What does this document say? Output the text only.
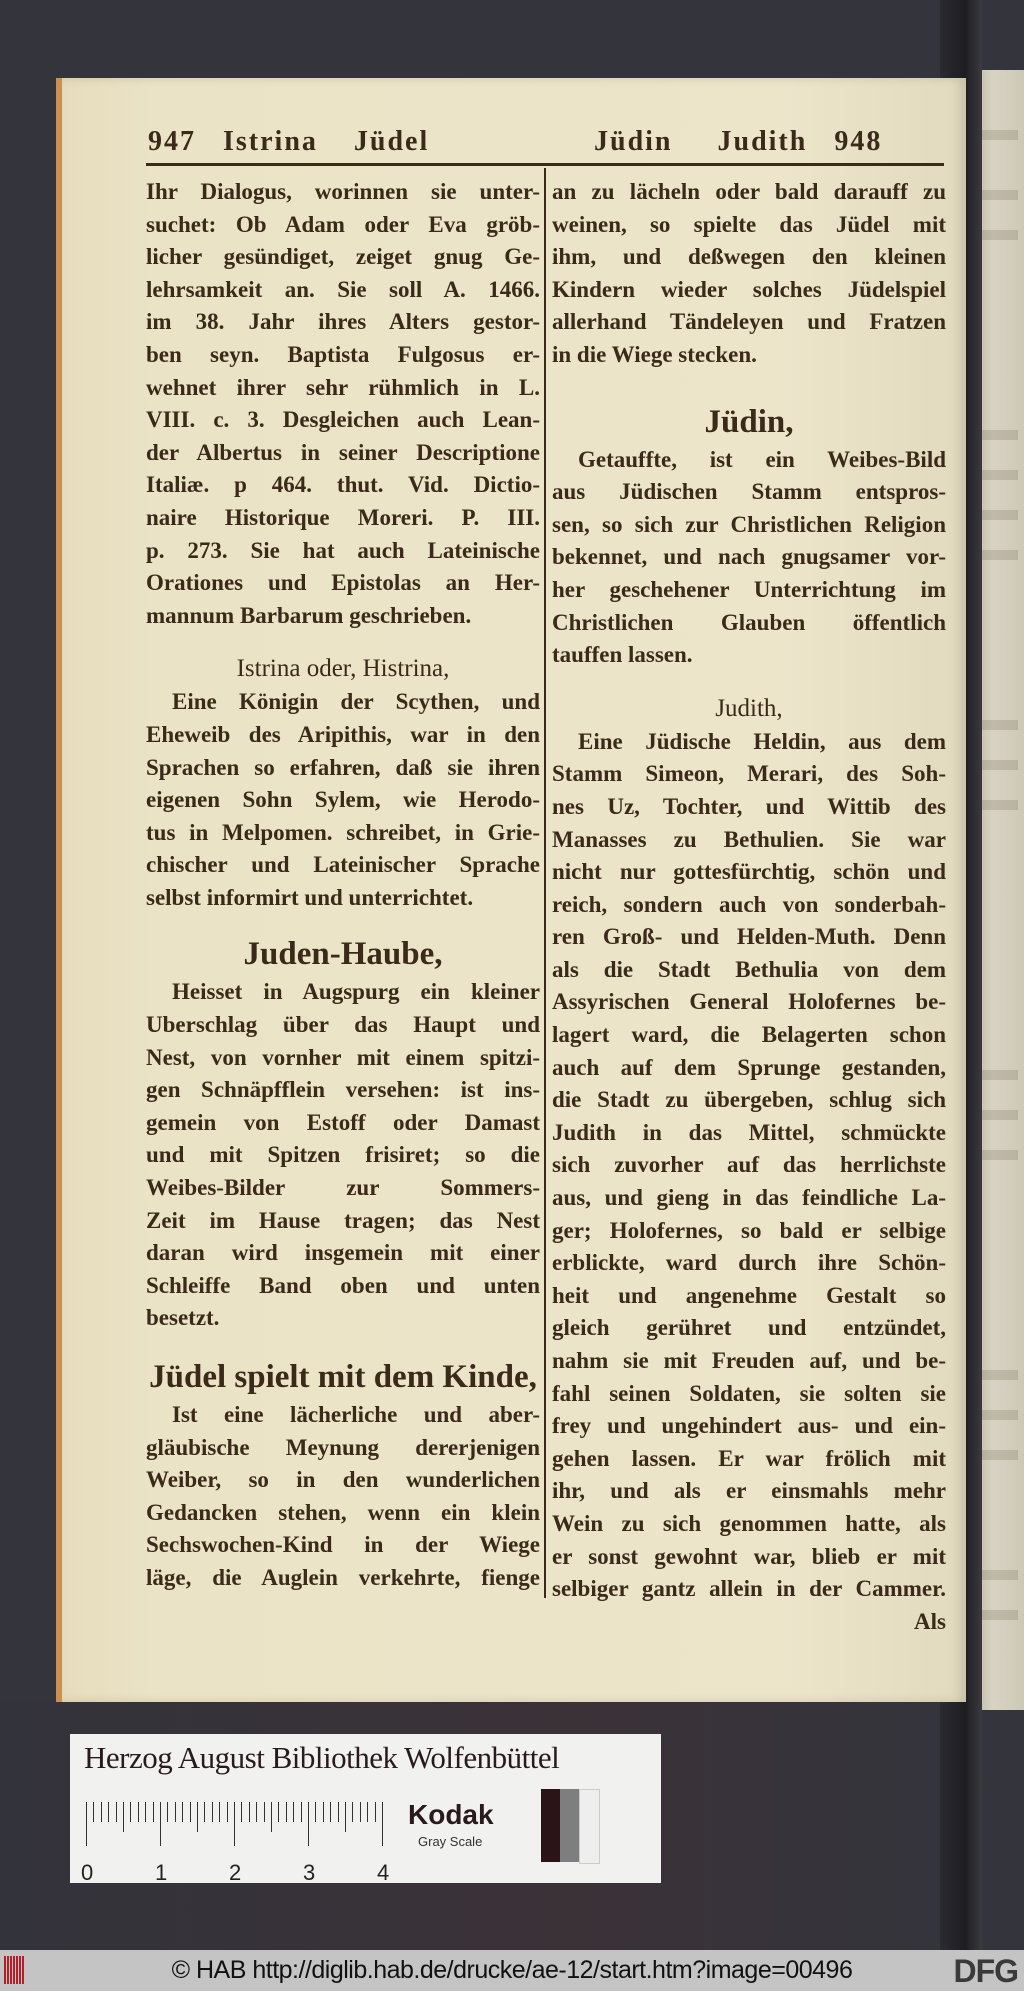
947 Istrina Jüdel	Jüdin Judith 948
Ihr Dialogus, worinnen sie unter-
suchet: Ob Adam oder Eva gröb-
licher gesündiget, zeiget gnug Ge-
lehrsamkeit an. Sie soll A. 1466.
im 38. Jahr ihres Alters gestor-
ben seyn. Baptista Fulgosus er-
wehnet ihrer sehr rühmlich in L.
VIII. c. 3. Desgleichen auch Lean-
der Albertus in seiner Descriptione
Italiæ. p 464. thut. Vid. Dictio-
naire Historique Moreri. P. III.
p. 273. Sie hat auch Lateinische
Orationes und Epistolas an Her-
mannum Barbarum geschrieben.
Istrina oder, Histrina,
Eine Königin der Scythen, und
Eheweib des Aripithis, war in den
Sprachen so erfahren, daß sie ihren
eigenen Sohn Sylem, wie Herodo-
tus in Melpomen. schreibet, in Grie-
chischer und Lateinischer Sprache
selbst informirt und unterrichtet.
Juden-Haube,
Heisset in Augspurg ein kleiner
Uberschlag über das Haupt und
Nest, von vornher mit einem spitzi-
gen Schnäpfflein versehen: ist ins-
gemein von Estoff oder Damast
und mit Spitzen frisiret; so die
Weibes-Bilder zur Sommers-
Zeit im Hause tragen; das Nest
daran wird insgemein mit einer
Schleiffe Band oben und unten
besetzt.
Jüdel spielt mit dem Kinde,
Ist eine lächerliche und aber-
gläubische Meynung dererjenigen
Weiber, so in den wunderlichen
Gedancken stehen, wenn ein klein
Sechswochen-Kind in der Wiege
läge, die Auglein verkehrte, fienge
an zu lächeln oder bald darauff zu
weinen, so spielte das Jüdel mit
ihm, und deßwegen den kleinen
Kindern wieder solches Jüdelspiel
allerhand Tändeleyen und Fratzen
in die Wiege stecken.
Jüdin,
Getauffte, ist ein Weibes-Bild
aus Jüdischen Stamm entspros-
sen, so sich zur Christlichen Religion
bekennet, und nach gnugsamer vor-
her geschehener Unterrichtung im
Christlichen Glauben öffentlich
tauffen lassen.
Judith,
Eine Jüdische Heldin, aus dem
Stamm Simeon, Merari, des Soh-
nes Uz, Tochter, und Wittib des
Manasses zu Bethulien. Sie war
nicht nur gottesfürchtig, schön und
reich, sondern auch von sonderbah-
ren Groß- und Helden-Muth. Denn
als die Stadt Bethulia von dem
Assyrischen General Holofernes be-
lagert ward, die Belagerten schon
auch auf dem Sprunge gestanden,
die Stadt zu übergeben, schlug sich
Judith in das Mittel, schmückte
sich zuvorher auf das herrlichste
aus, und gieng in das feindliche La-
ger; Holofernes, so bald er selbige
erblickte, ward durch ihre Schön-
heit und angenehme Gestalt so
gleich gerühret und entzündet,
nahm sie mit Freuden auf, und be-
fahl seinen Soldaten, sie solten sie
frey und ungehindert aus- und ein-
gehen lassen. Er war frölich mit
ihr, und als er einsmahls mehr
Wein zu sich genommen hatte, als
er sonst gewohnt war, blieb er mit
selbiger gantz allein in der Cammer.
Als
Herzog August Bibliothek Wolfenbüttel
0	1	2	3	4
Kodak
Gray Scale
© HAB http://diglib.hab.de/drucke/ae-12/start.htm?image=00496	DFG
